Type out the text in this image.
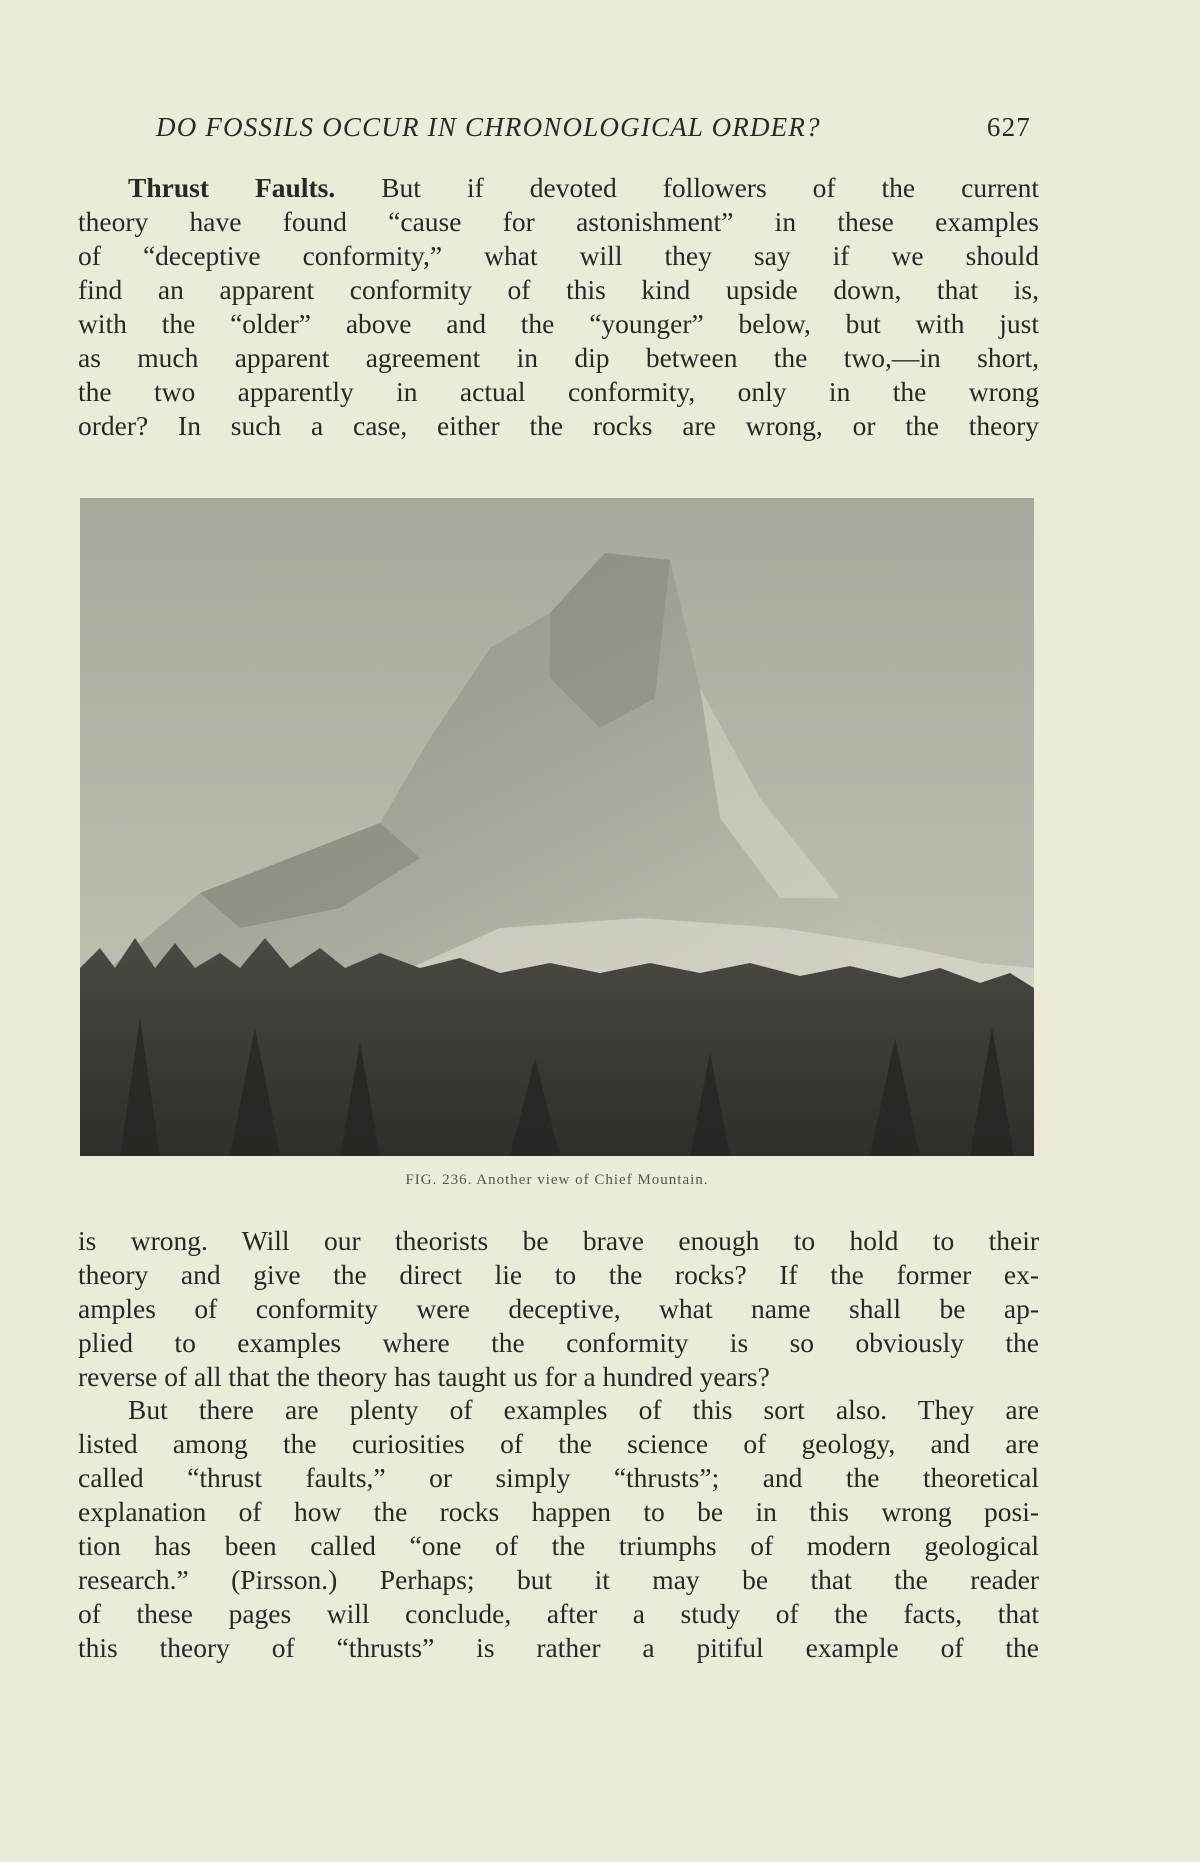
DO FOSSILS OCCUR IN CHRONOLOGICAL ORDER?	627
Thrust Faults. But if devoted followers of the current
theory have found “cause for astonishment” in these examples
of “deceptive conformity,” what will they say if we should
find an apparent conformity of this kind upside down, that is,
with the “older” above and the “younger” below, but with just
as much apparent agreement in dip between the two,—in short,
the two apparently in actual conformity, only in the wrong
order? In such a case, either the rocks are wrong, or the theory
FIG. 236. Another view of Chief Mountain.
is wrong. Will our theorists be brave enough to hold to their
theory and give the direct lie to the rocks? If the former ex-
amples of conformity were deceptive, what name shall be ap-
plied to examples where the conformity is so obviously the
reverse of all that the theory has taught us for a hundred years?
But there are plenty of examples of this sort also. They are
listed among the curiosities of the science of geology, and are
called “thrust faults,” or simply “thrusts”; and the theoretical
explanation of how the rocks happen to be in this wrong posi-
tion has been called “one of the triumphs of modern geological
research.” (Pirsson.) Perhaps; but it may be that the reader
of these pages will conclude, after a study of the facts, that
this theory of “thrusts” is rather a pitiful example of the
